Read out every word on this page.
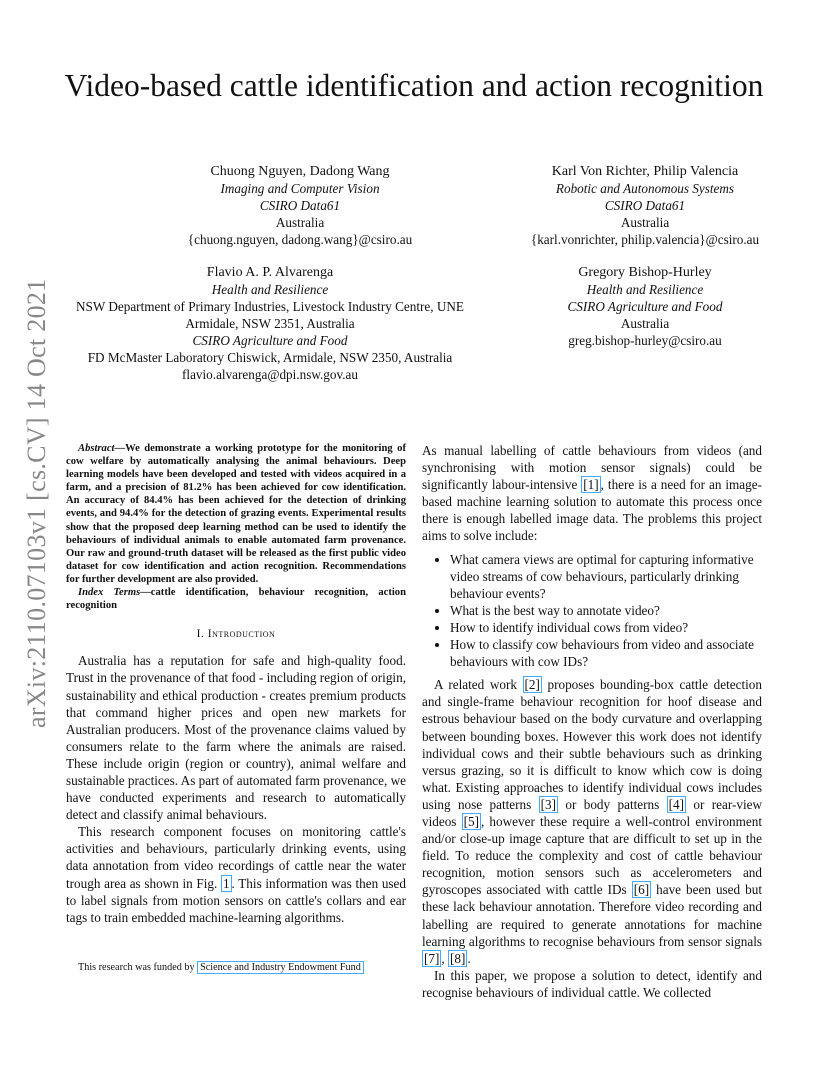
Video-based cattle identification and action recognition
arXiv:2110.07103v1 [cs.CV] 14 Oct 2021
Chuong Nguyen, Dadong Wang
Imaging and Computer Vision
CSIRO Data61
Australia
{chuong.nguyen, dadong.wang}@csiro.au
Karl Von Richter, Philip Valencia
Robotic and Autonomous Systems
CSIRO Data61
Australia
{karl.vonrichter, philip.valencia}@csiro.au
Flavio A. P. Alvarenga
Health and Resilience
NSW Department of Primary Industries, Livestock Industry Centre, UNE
Armidale, NSW 2351, Australia
CSIRO Agriculture and Food
FD McMaster Laboratory Chiswick, Armidale, NSW 2350, Australia
flavio.alvarenga@dpi.nsw.gov.au
Gregory Bishop-Hurley
Health and Resilience
CSIRO Agriculture and Food
Australia
greg.bishop-hurley@csiro.au

Abstract—We demonstrate a working prototype for the monitoring of cow welfare by automatically analysing the animal behaviours. Deep learning models have been developed and tested with videos acquired in a farm, and a precision of 81.2% has been achieved for cow identification. An accuracy of 84.4% has been achieved for the detection of drinking events, and 94.4% for the detection of grazing events. Experimental results show that the proposed deep learning method can be used to identify the behaviours of individual animals to enable automated farm provenance. Our raw and ground-truth dataset will be released as the first public video dataset for cow identification and action recognition. Recommendations for further development are also provided.

Index Terms—cattle identification, behaviour recognition, action recognition

I. Introduction

Australia has a reputation for safe and high-quality food. Trust in the provenance of that food - including region of origin, sustainability and ethical production - creates premium products that command higher prices and open new markets for Australian producers. Most of the provenance claims valued by consumers relate to the farm where the animals are raised. These include origin (region or country), animal welfare and sustainable practices. As part of automated farm provenance, we have conducted experiments and research to automatically detect and classify animal behaviours.

This research component focuses on monitoring cattle's activities and behaviours, particularly drinking events, using data annotation from video recordings of cattle near the water trough area as shown in Fig. 1 . This information was then used to label signals from motion sensors on cattle's collars and ear tags to train embedded machine-learning algorithms.

This research was funded by Science and Industry Endowment Fund

As manual labelling of cattle behaviours from videos (and synchronising with motion sensor signals) could be significantly labour-intensive [1] , there is a need for an image-based machine learning solution to automate this process once there is enough labelled image data. The problems this project aims to solve include:

• What camera views are optimal for capturing informative video streams of cow behaviours, particularly drinking behaviour events?
• What is the best way to annotate video?
• How to identify individual cows from video?
• How to classify cow behaviours from video and associate behaviours with cow IDs?

A related work [2] proposes bounding-box cattle detection and single-frame behaviour recognition for hoof disease and estrous behaviour based on the body curvature and overlapping between bounding boxes. However this work does not identify individual cows and their subtle behaviours such as drinking versus grazing, so it is difficult to know which cow is doing what. Existing approaches to identify individual cows includes using nose patterns [3] or body patterns [4] or rear-view videos [5] , however these require a well-control environment and/or close-up image capture that are difficult to set up in the field. To reduce the complexity and cost of cattle behaviour recognition, motion sensors such as accelerometers and gyroscopes associated with cattle IDs [6] have been used but these lack behaviour annotation. Therefore video recording and labelling are required to generate annotations for machine learning algorithms to recognise behaviours from sensor signals [7] , [8] .

In this paper, we propose a solution to detect, identify and recognise behaviours of individual cattle. We collected
